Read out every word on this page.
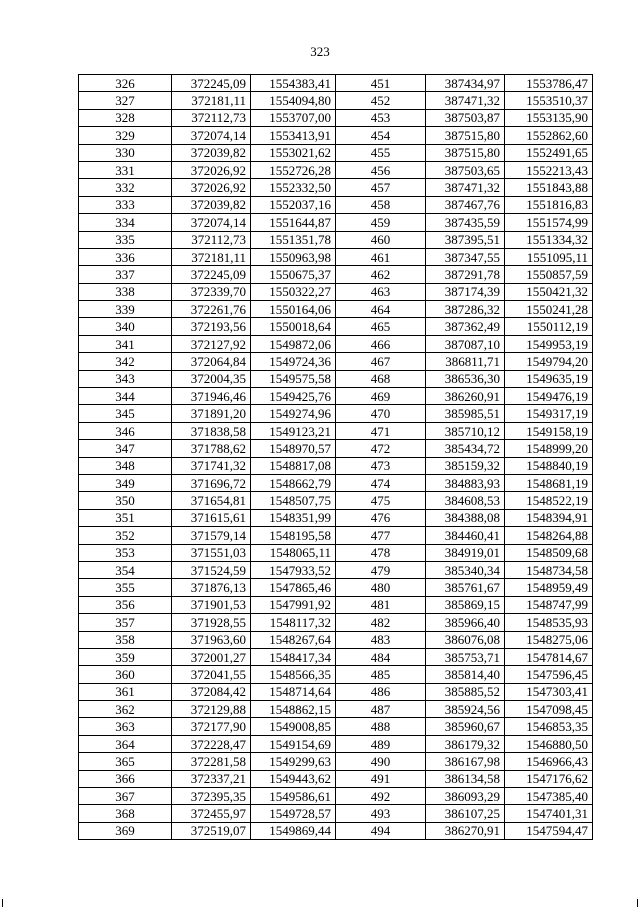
323
326	372245,09	1554383,41	451	387434,97	1553786,47
327	372181,11	1554094,80	452	387471,32	1553510,37
328	372112,73	1553707,00	453	387503,87	1553135,90
329	372074,14	1553413,91	454	387515,80	1552862,60
330	372039,82	1553021,62	455	387515,80	1552491,65
331	372026,92	1552726,28	456	387503,65	1552213,43
332	372026,92	1552332,50	457	387471,32	1551843,88
333	372039,82	1552037,16	458	387467,76	1551816,83
334	372074,14	1551644,87	459	387435,59	1551574,99
335	372112,73	1551351,78	460	387395,51	1551334,32
336	372181,11	1550963,98	461	387347,55	1551095,11
337	372245,09	1550675,37	462	387291,78	1550857,59
338	372339,70	1550322,27	463	387174,39	1550421,32
339	372261,76	1550164,06	464	387286,32	1550241,28
340	372193,56	1550018,64	465	387362,49	1550112,19
341	372127,92	1549872,06	466	387087,10	1549953,19
342	372064,84	1549724,36	467	386811,71	1549794,20
343	372004,35	1549575,58	468	386536,30	1549635,19
344	371946,46	1549425,76	469	386260,91	1549476,19
345	371891,20	1549274,96	470	385985,51	1549317,19
346	371838,58	1549123,21	471	385710,12	1549158,19
347	371788,62	1548970,57	472	385434,72	1548999,20
348	371741,32	1548817,08	473	385159,32	1548840,19
349	371696,72	1548662,79	474	384883,93	1548681,19
350	371654,81	1548507,75	475	384608,53	1548522,19
351	371615,61	1548351,99	476	384388,08	1548394,91
352	371579,14	1548195,58	477	384460,41	1548264,88
353	371551,03	1548065,11	478	384919,01	1548509,68
354	371524,59	1547933,52	479	385340,34	1548734,58
355	371876,13	1547865,46	480	385761,67	1548959,49
356	371901,53	1547991,92	481	385869,15	1548747,99
357	371928,55	1548117,32	482	385966,40	1548535,93
358	371963,60	1548267,64	483	386076,08	1548275,06
359	372001,27	1548417,34	484	385753,71	1547814,67
360	372041,55	1548566,35	485	385814,40	1547596,45
361	372084,42	1548714,64	486	385885,52	1547303,41
362	372129,88	1548862,15	487	385924,56	1547098,45
363	372177,90	1549008,85	488	385960,67	1546853,35
364	372228,47	1549154,69	489	386179,32	1546880,50
365	372281,58	1549299,63	490	386167,98	1546966,43
366	372337,21	1549443,62	491	386134,58	1547176,62
367	372395,35	1549586,61	492	386093,29	1547385,40
368	372455,97	1549728,57	493	386107,25	1547401,31
369	372519,07	1549869,44	494	386270,91	1547594,47
